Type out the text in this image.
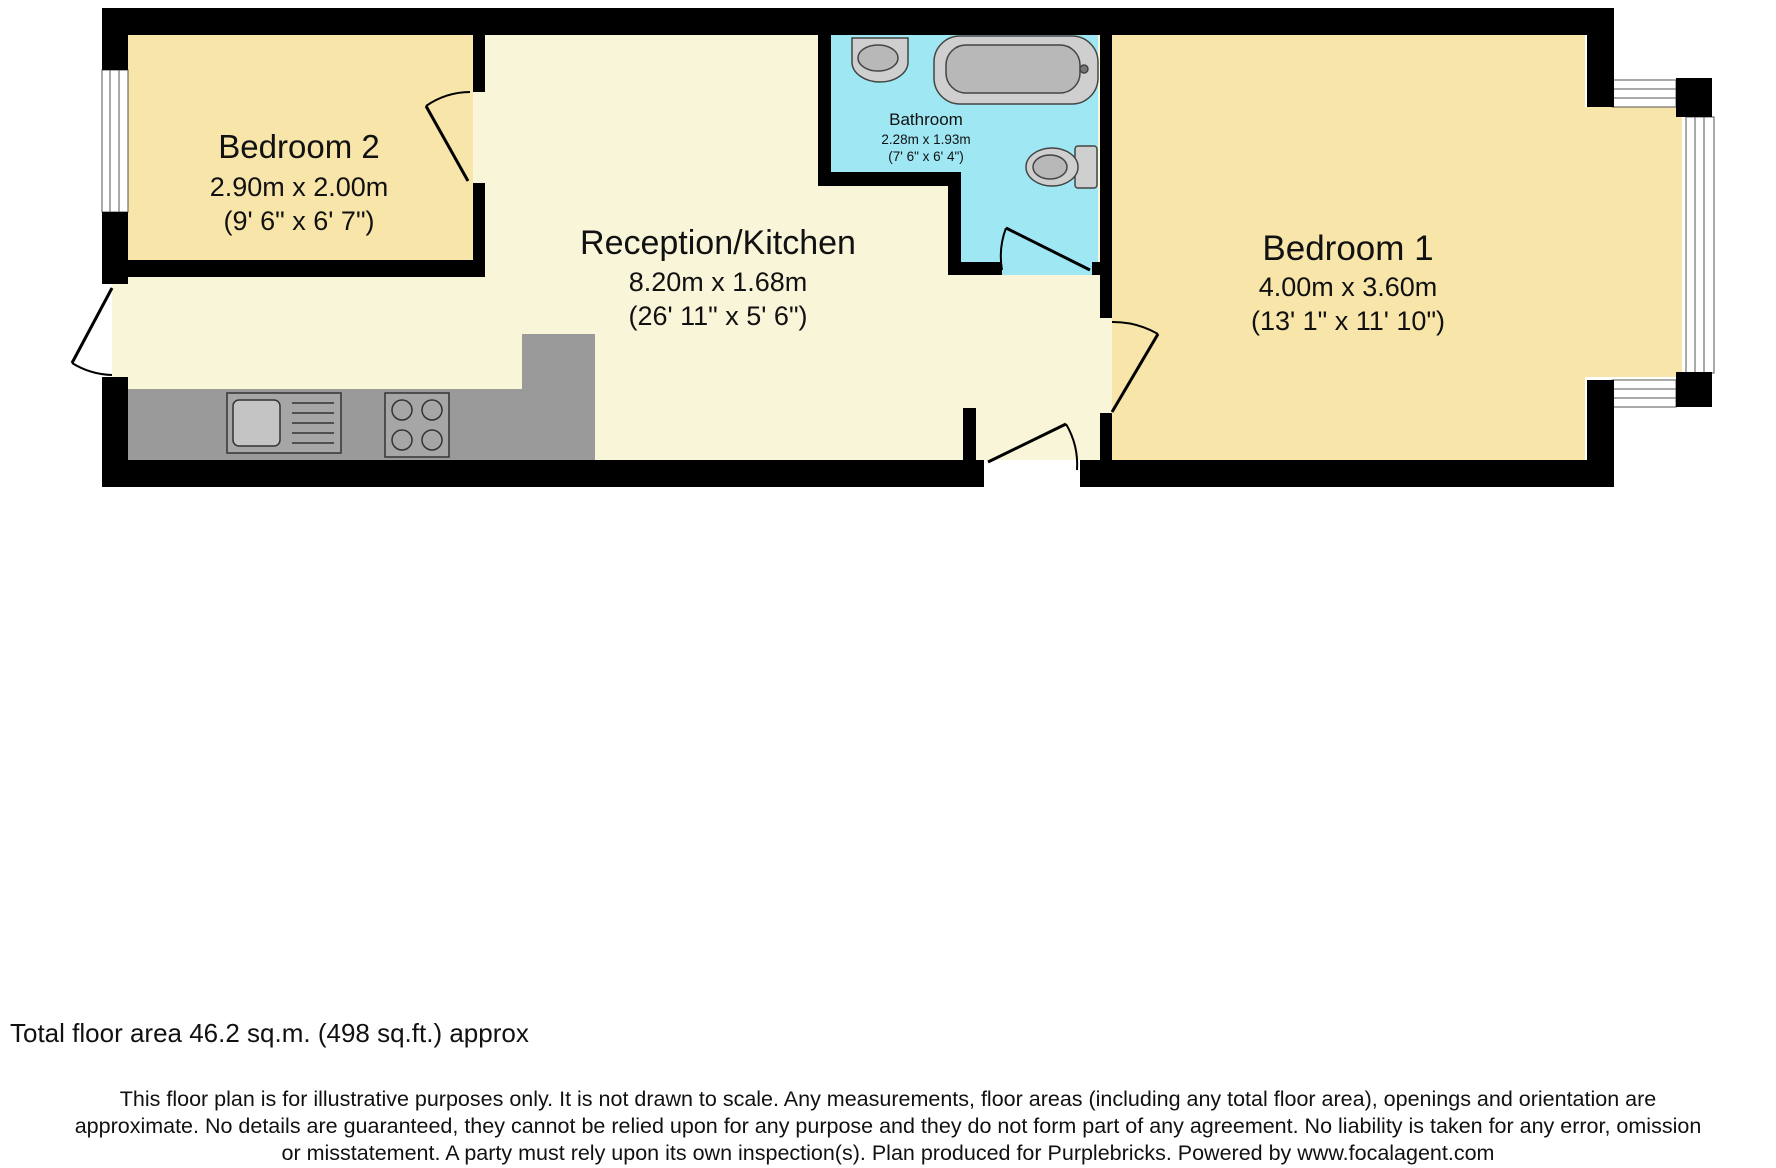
Bedroom 2
2.90m x 2.00m
(9' 6" x 6' 7")
Reception/Kitchen
8.20m x 1.68m
(26' 11" x 5' 6")
Bathroom
2.28m x 1.93m
(7' 6" x 6' 4")
Bedroom 1
4.00m x 3.60m
(13' 1" x 11' 10")
Total floor area 46.2 sq.m. (498 sq.ft.) approx
This floor plan is for illustrative purposes only. It is not drawn to scale. Any measurements, floor areas (including any total floor area), openings and orientation are
approximate. No details are guaranteed, they cannot be relied upon for any purpose and they do not form part of any agreement. No liability is taken for any error, omission
or misstatement. A party must rely upon its own inspection(s). Plan produced for Purplebricks. Powered by www.focalagent.com
